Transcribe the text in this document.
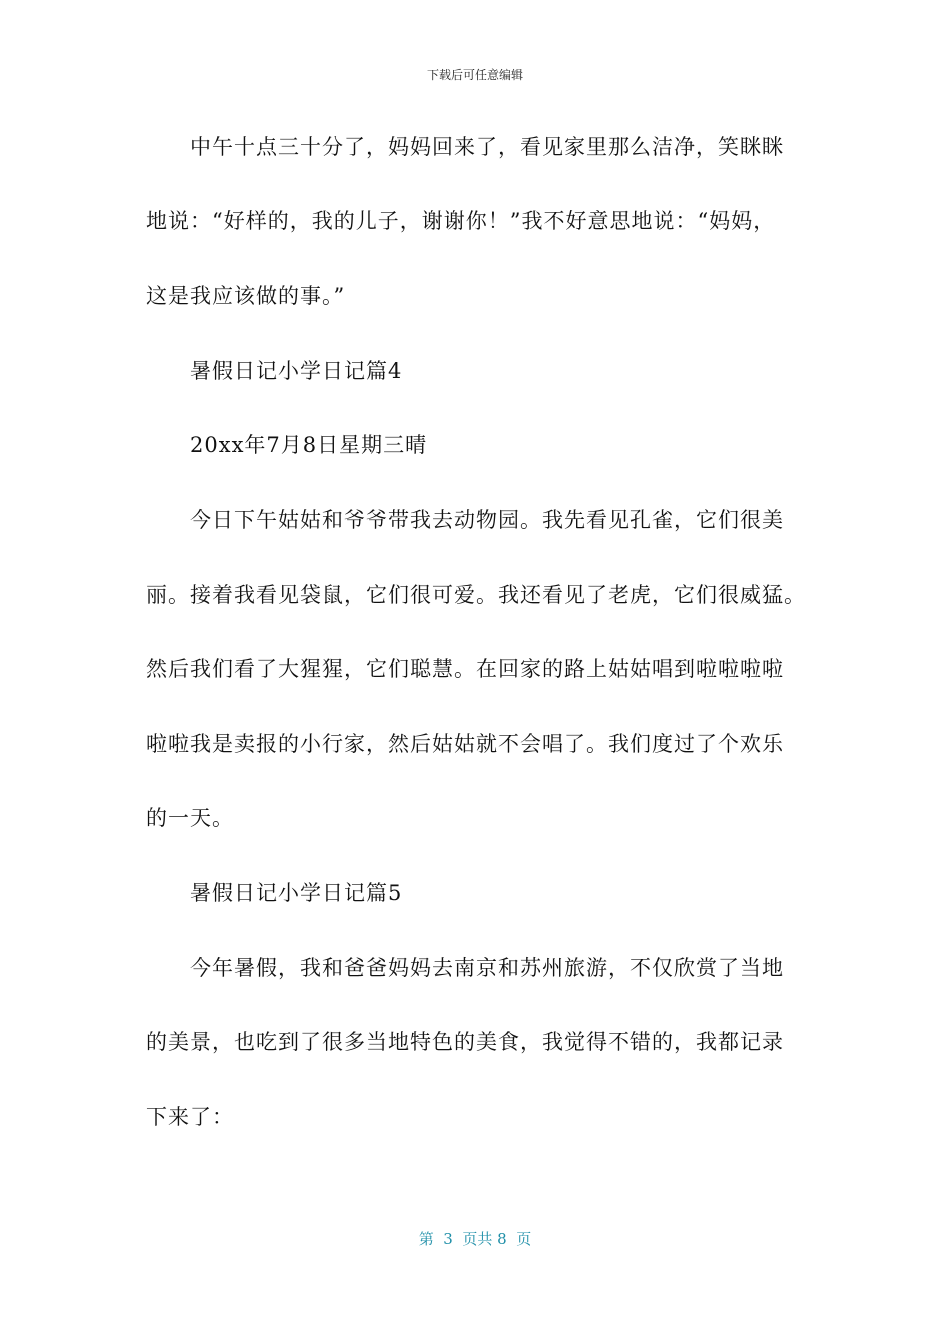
下载后可任意编辑
　　中午十点三十分了，妈妈回来了，看见家里那么洁净，笑眯眯
地说：“好样的，我的儿子，谢谢你！”我不好意思地说：“妈妈，
这是我应该做的事。”
　　暑假日记小学日记篇4
　　20xx年7月8日星期三晴
　　今日下午姑姑和爷爷带我去动物园。我先看见孔雀，它们很美
丽。接着我看见袋鼠，它们很可爱。我还看见了老虎，它们很威猛。
然后我们看了大猩猩，它们聪慧。在回家的路上姑姑唱到啦啦啦啦
啦啦我是卖报的小行家，然后姑姑就不会唱了。我们度过了个欢乐
的一天。
　　暑假日记小学日记篇5
　　今年暑假，我和爸爸妈妈去南京和苏州旅游，不仅欣赏了当地
的美景，也吃到了很多当地特色的美食，我觉得不错的，我都记录
下来了：
第  3  页共 8  页
